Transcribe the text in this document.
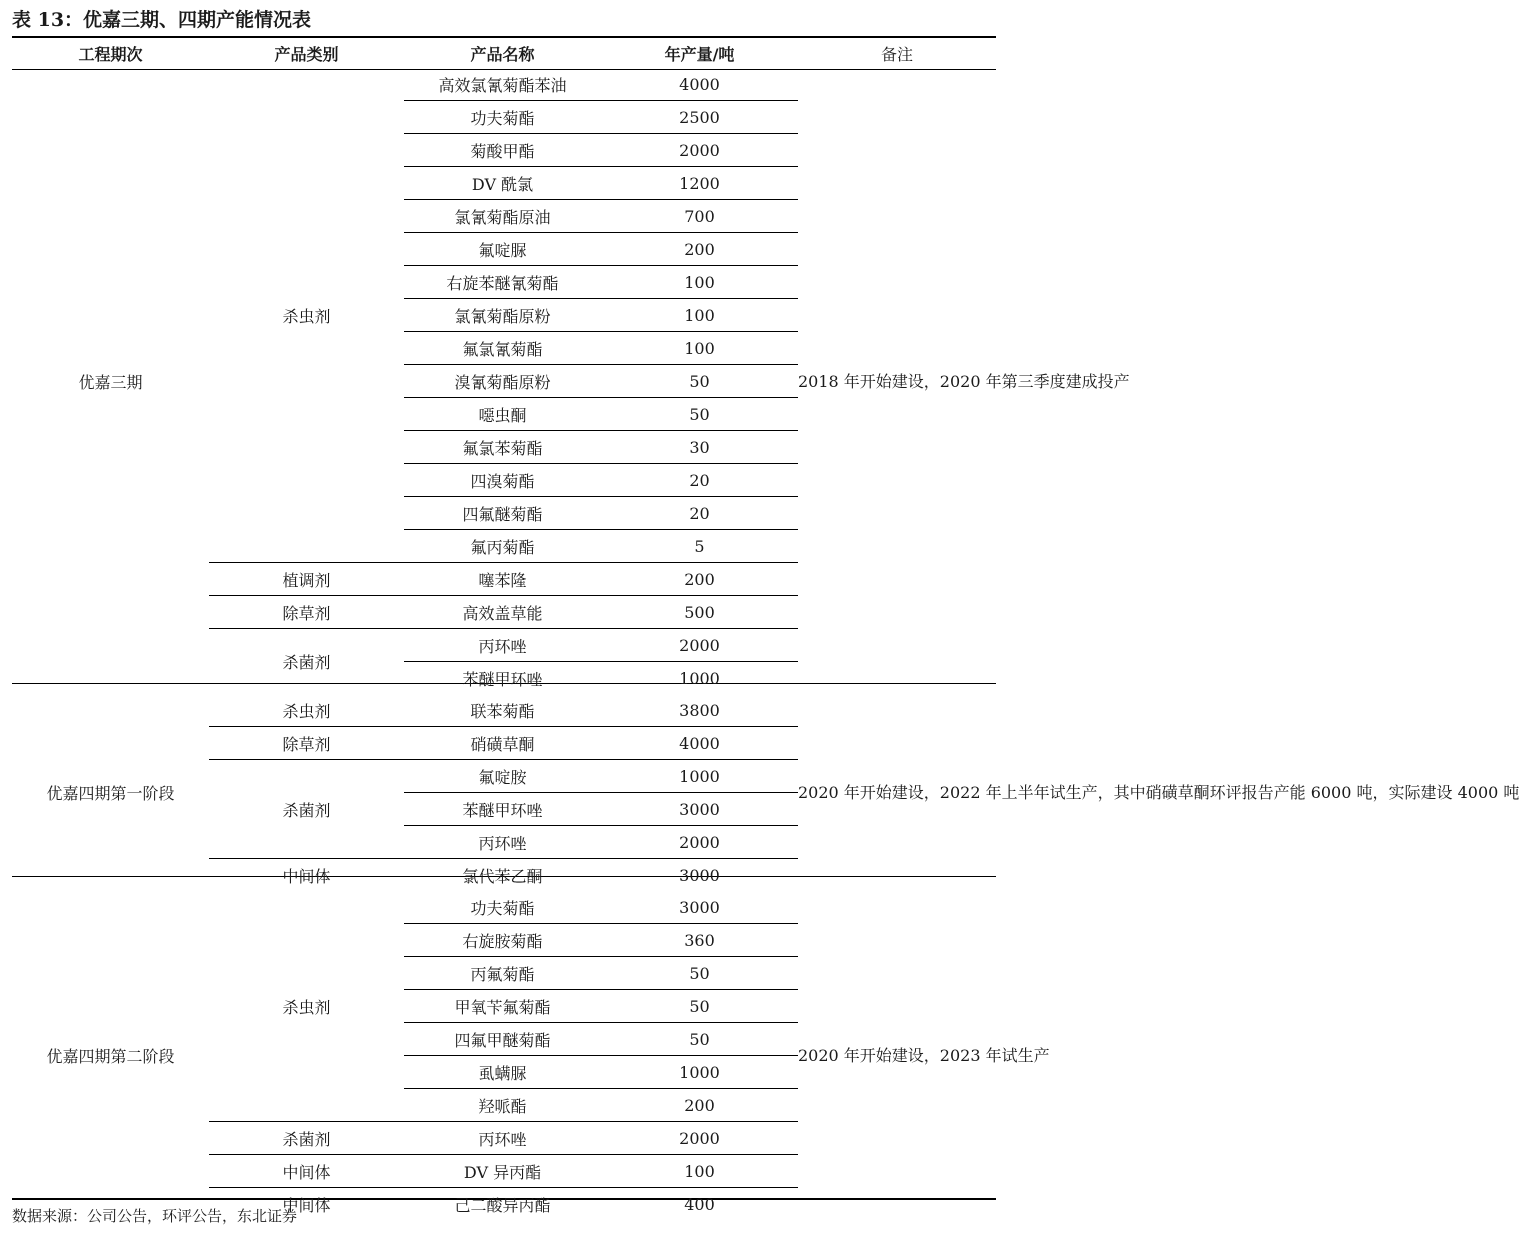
表 13：优嘉三期、四期产能情况表
工程期次	产品类别	产品名称	年产量/吨	备注
优嘉三期	杀虫剂	高效氯氰菊酯苯油	4000	2018 年开始建设，2020 年第三季度建成投产
		功夫菊酯	2500	
		菊酸甲酯	2000	
		DV 酰氯	1200	
		氯氰菊酯原油	700	
		氟啶脲	200	
		右旋苯醚氰菊酯	100	
		氯氰菊酯原粉	100	
		氟氯氰菊酯	100	
		溴氰菊酯原粉	50	
		噁虫酮	50	
		氟氯苯菊酯	30	
		四溴菊酯	20	
		四氟醚菊酯	20	
		氟丙菊酯	5	
	植调剂	噻苯隆	200	
	除草剂	高效盖草能	500	
	杀菌剂	丙环唑	2000	
		苯醚甲环唑	1000	
优嘉四期第一阶段	杀虫剂	联苯菊酯	3800	2020 年开始建设，2022 年上半年试生产，其中硝磺草酮环评报告产能 6000 吨，实际建设 4000 吨
	除草剂	硝磺草酮	4000	
	杀菌剂	氟啶胺	1000	
		苯醚甲环唑	3000	
		丙环唑	2000	
	中间体	氯代苯乙酮	3000	
优嘉四期第二阶段	杀虫剂	功夫菊酯	3000	2020 年开始建设，2023 年试生产
		右旋胺菊酯	360	
		丙氟菊酯	50	
		甲氧苄氟菊酯	50	
		四氟甲醚菊酯	50	
		虱螨脲	1000	
		羟哌酯	200	
	杀菌剂	丙环唑	2000	
	中间体	DV 异丙酯	100	
	中间体	己二酸异丙酯	400	
数据来源：公司公告，环评公告，东北证券
